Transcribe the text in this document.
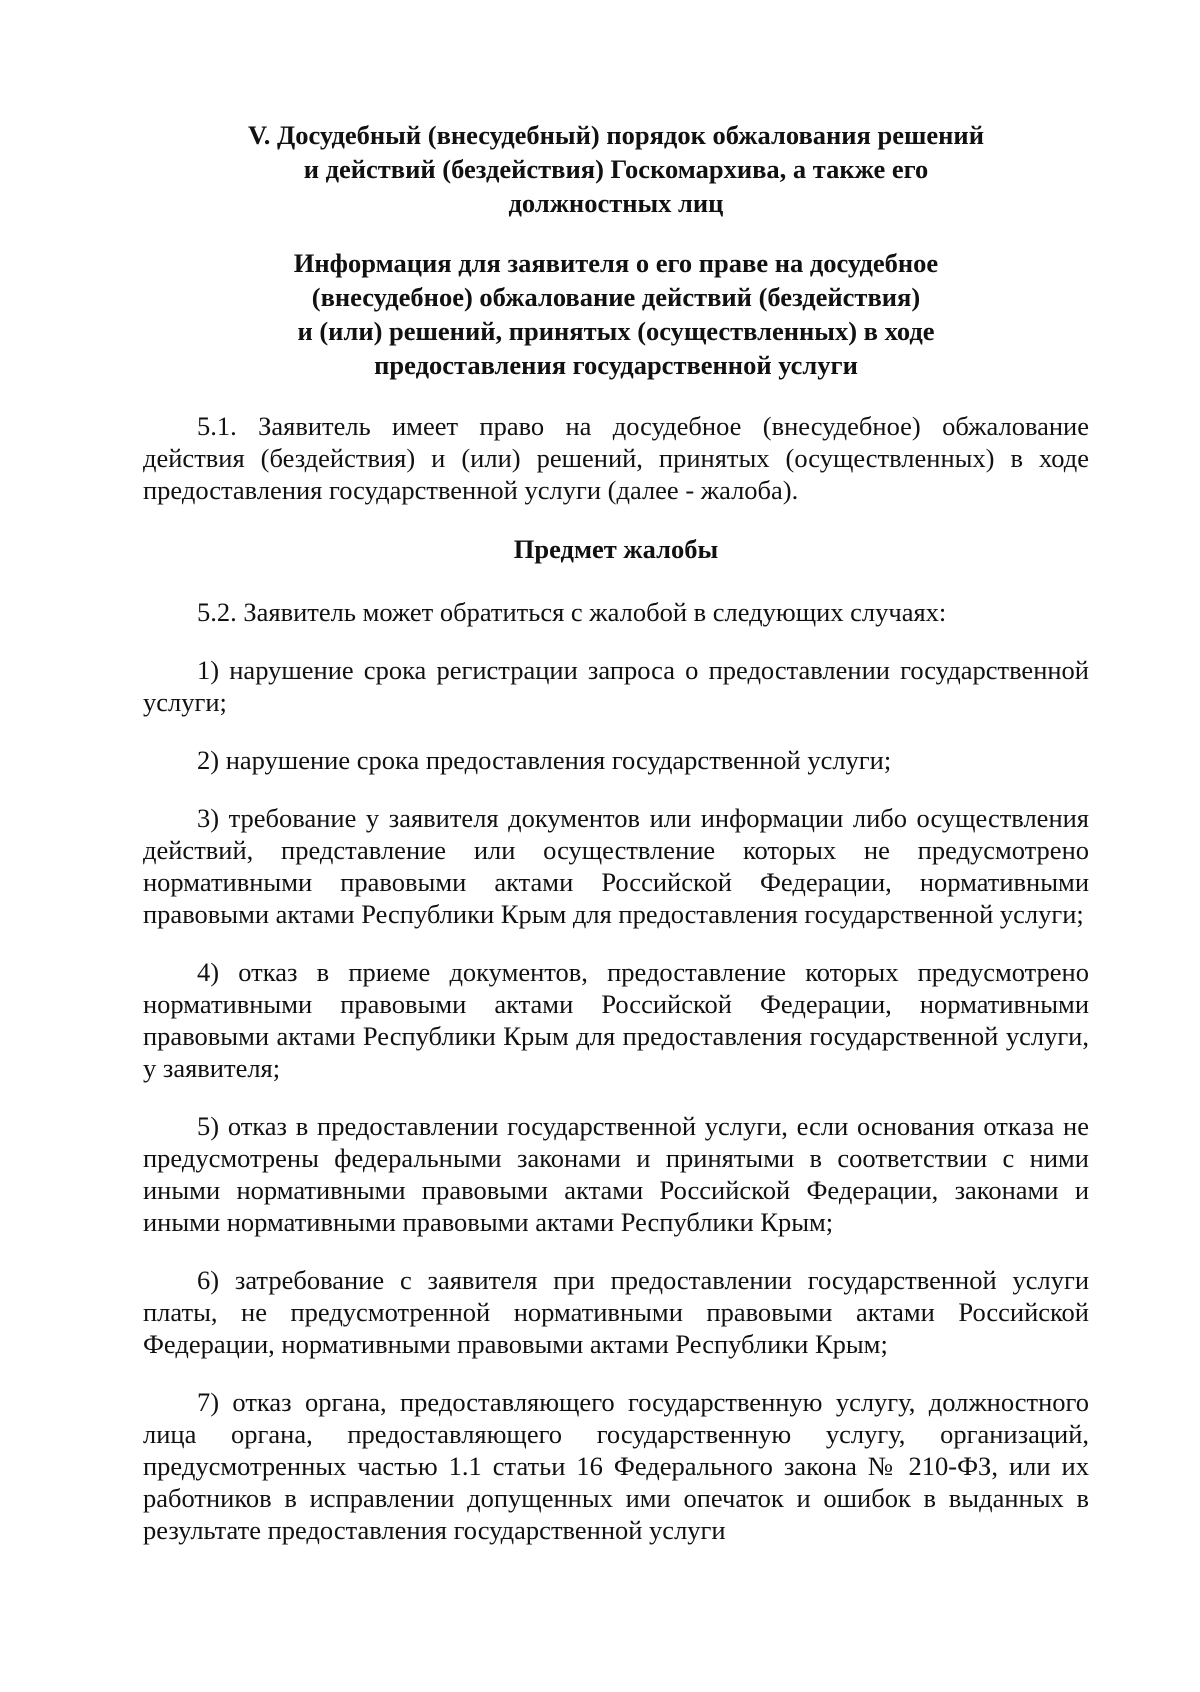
V. Досудебный (внесудебный) порядок обжалования решений
и действий (бездействия) Госкомархива, а также его
должностных лиц
Информация для заявителя о его праве на досудебное
(внесудебное) обжалование действий (бездействия)
и (или) решений, принятых (осуществленных) в ходе
предоставления государственной услуги

5.1. Заявитель имеет право на досудебное (внесудебное) обжалование действия (бездействия) и (или) решений, принятых (осуществленных) в ходе предоставления государственной услуги (далее - жалоба).

Предмет жалобы

5.2. Заявитель может обратиться с жалобой в следующих случаях:

1) нарушение срока регистрации запроса о предоставлении государственной услуги;

2) нарушение срока предоставления государственной услуги;

3) требование у заявителя документов или информации либо осуществления действий, представление или осуществление которых не предусмотрено нормативными правовыми актами Российской Федерации, нормативными правовыми актами Республики Крым для предоставления государственной услуги;

4) отказ в приеме документов, предоставление которых предусмотрено нормативными правовыми актами Российской Федерации, нормативными правовыми актами Республики Крым для предоставления государственной услуги, у заявителя;

5) отказ в предоставлении государственной услуги, если основания отказа не предусмотрены федеральными законами и принятыми в соответствии с ними иными нормативными правовыми актами Российской Федерации, законами и иными нормативными правовыми актами Республики Крым;

6) затребование с заявителя при предоставлении государственной услуги платы, не предусмотренной нормативными правовыми актами Российской Федерации, нормативными правовыми актами Республики Крым;

7) отказ органа, предоставляющего государственную услугу, должностного лица органа, предоставляющего государственную услугу, организаций, предусмотренных частью 1.1 статьи 16 Федерального закона № 210-ФЗ, или их работников в исправлении допущенных ими опечаток и ошибок в выданных в результате предоставления государственной услуги
